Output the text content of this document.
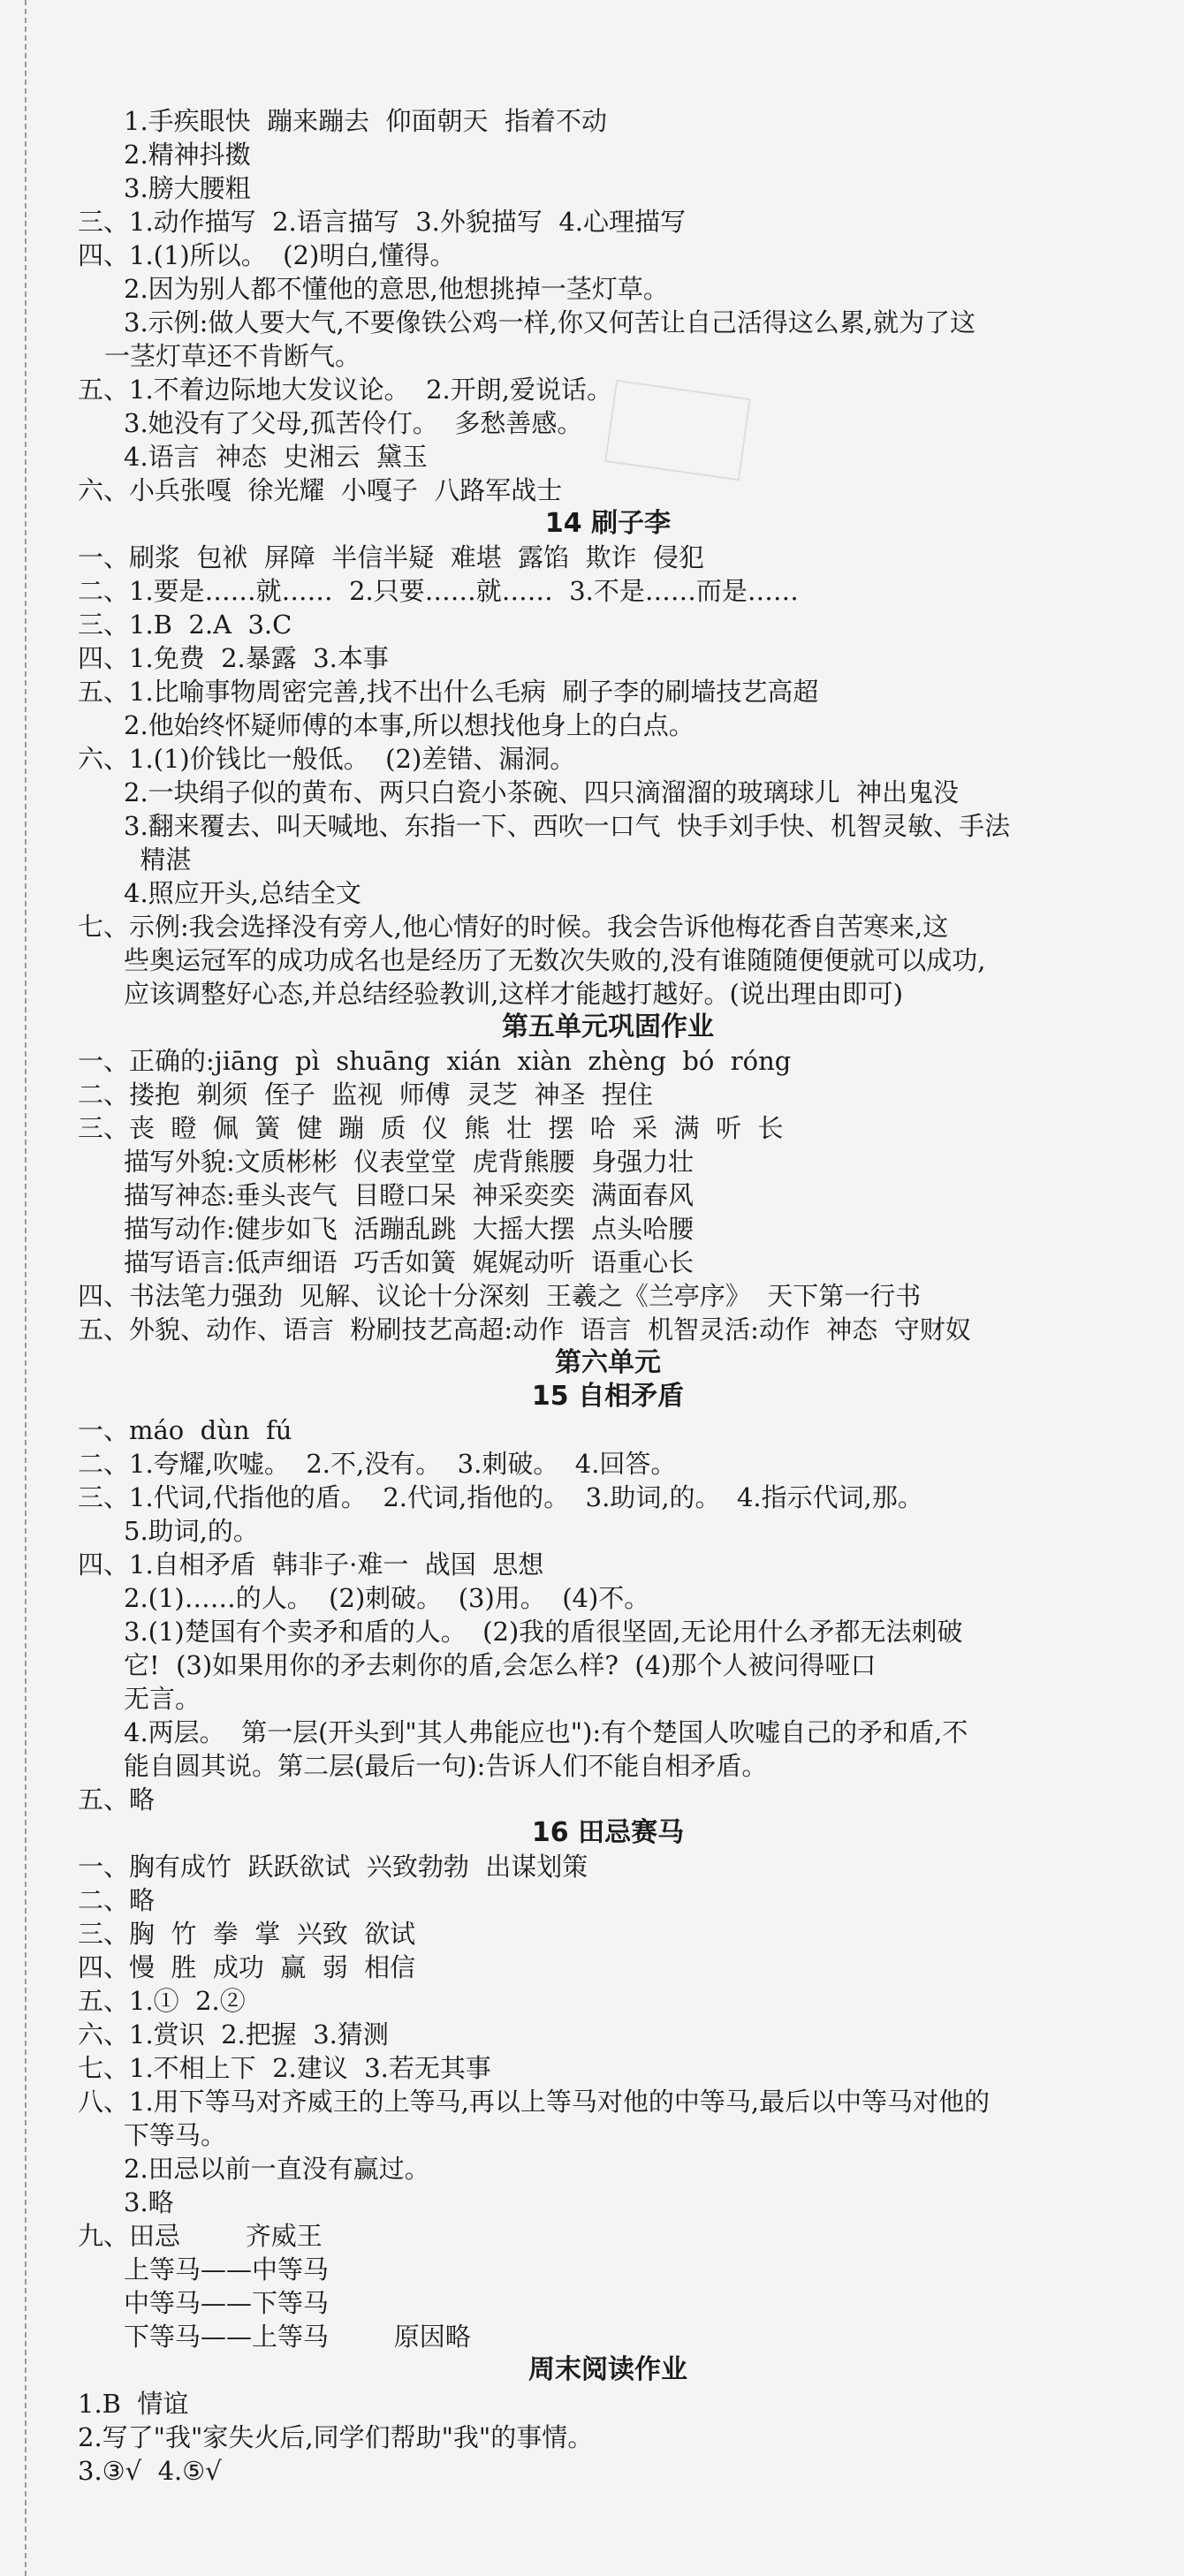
1.手疾眼快  蹦来蹦去  仰面朝天  指着不动
2.精神抖擞
3.膀大腰粗
三、1.动作描写  2.语言描写  3.外貌描写  4.心理描写
四、1.(1)所以。  (2)明白,懂得。
2.因为别人都不懂他的意思,他想挑掉一茎灯草。
3.示例:做人要大气,不要像铁公鸡一样,你又何苦让自己活得这么累,就为了这
一茎灯草还不肯断气。
五、1.不着边际地大发议论。  2.开朗,爱说话。
3.她没有了父母,孤苦伶仃。  多愁善感。
4.语言  神态  史湘云  黛玉
六、小兵张嘎  徐光耀  小嘎子  八路军战士
14 刷子李
一、刷浆  包袱  屏障  半信半疑  难堪  露馅  欺诈  侵犯
二、1.要是……就……  2.只要……就……  3.不是……而是……
三、1.B  2.A  3.C
四、1.免费  2.暴露  3.本事
五、1.比喻事物周密完善,找不出什么毛病  刷子李的刷墙技艺高超
2.他始终怀疑师傅的本事,所以想找他身上的白点。
六、1.(1)价钱比一般低。  (2)差错、漏洞。
2.一块绢子似的黄布、两只白瓷小茶碗、四只滴溜溜的玻璃球儿  神出鬼没
3.翻来覆去、叫天喊地、东指一下、西吹一口气  快手刘手快、机智灵敏、手法
精湛
4.照应开头,总结全文
七、示例:我会选择没有旁人,他心情好的时候。我会告诉他梅花香自苦寒来,这
些奥运冠军的成功成名也是经历了无数次失败的,没有谁随随便便就可以成功,
应该调整好心态,并总结经验教训,这样才能越打越好。(说出理由即可)
第五单元巩固作业
一、正确的:jiāng  pì  shuāng  xián  xiàn  zhèng  bó  róng
二、搂抱  剃须  侄子  监视  师傅  灵芝  神圣  捏住
三、丧  瞪  佩  簧  健  蹦  质  仪  熊  壮  摆  哈  采  满  听  长
描写外貌:文质彬彬  仪表堂堂  虎背熊腰  身强力壮
描写神态:垂头丧气  目瞪口呆  神采奕奕  满面春风
描写动作:健步如飞  活蹦乱跳  大摇大摆  点头哈腰
描写语言:低声细语  巧舌如簧  娓娓动听  语重心长
四、书法笔力强劲  见解、议论十分深刻  王羲之《兰亭序》  天下第一行书
五、外貌、动作、语言  粉刷技艺高超:动作  语言  机智灵活:动作  神态  守财奴
第六单元
15 自相矛盾
一、máo  dùn  fú
二、1.夸耀,吹嘘。  2.不,没有。  3.刺破。  4.回答。
三、1.代词,代指他的盾。  2.代词,指他的。  3.助词,的。  4.指示代词,那。
5.助词,的。
四、1.自相矛盾  韩非子·难一  战国  思想
2.(1)……的人。  (2)刺破。  (3)用。  (4)不。
3.(1)楚国有个卖矛和盾的人。  (2)我的盾很坚固,无论用什么矛都无法刺破
它!  (3)如果用你的矛去刺你的盾,会怎么样?  (4)那个人被问得哑口
无言。
4.两层。  第一层(开头到"其人弗能应也"):有个楚国人吹嘘自己的矛和盾,不
能自圆其说。第二层(最后一句):告诉人们不能自相矛盾。
五、略
16 田忌赛马
一、胸有成竹  跃跃欲试  兴致勃勃  出谋划策
二、略
三、胸  竹  拳  掌  兴致  欲试
四、慢  胜  成功  赢  弱  相信
五、1.①  2.②
六、1.赏识  2.把握  3.猜测
七、1.不相上下  2.建议  3.若无其事
八、1.用下等马对齐威王的上等马,再以上等马对他的中等马,最后以中等马对他的
下等马。
2.田忌以前一直没有赢过。
3.略
九、田忌        齐威王
上等马——中等马
中等马——下等马
下等马——上等马        原因略
周末阅读作业
1.B  情谊
2.写了"我"家失火后,同学们帮助"我"的事情。
3.③√  4.⑤√
